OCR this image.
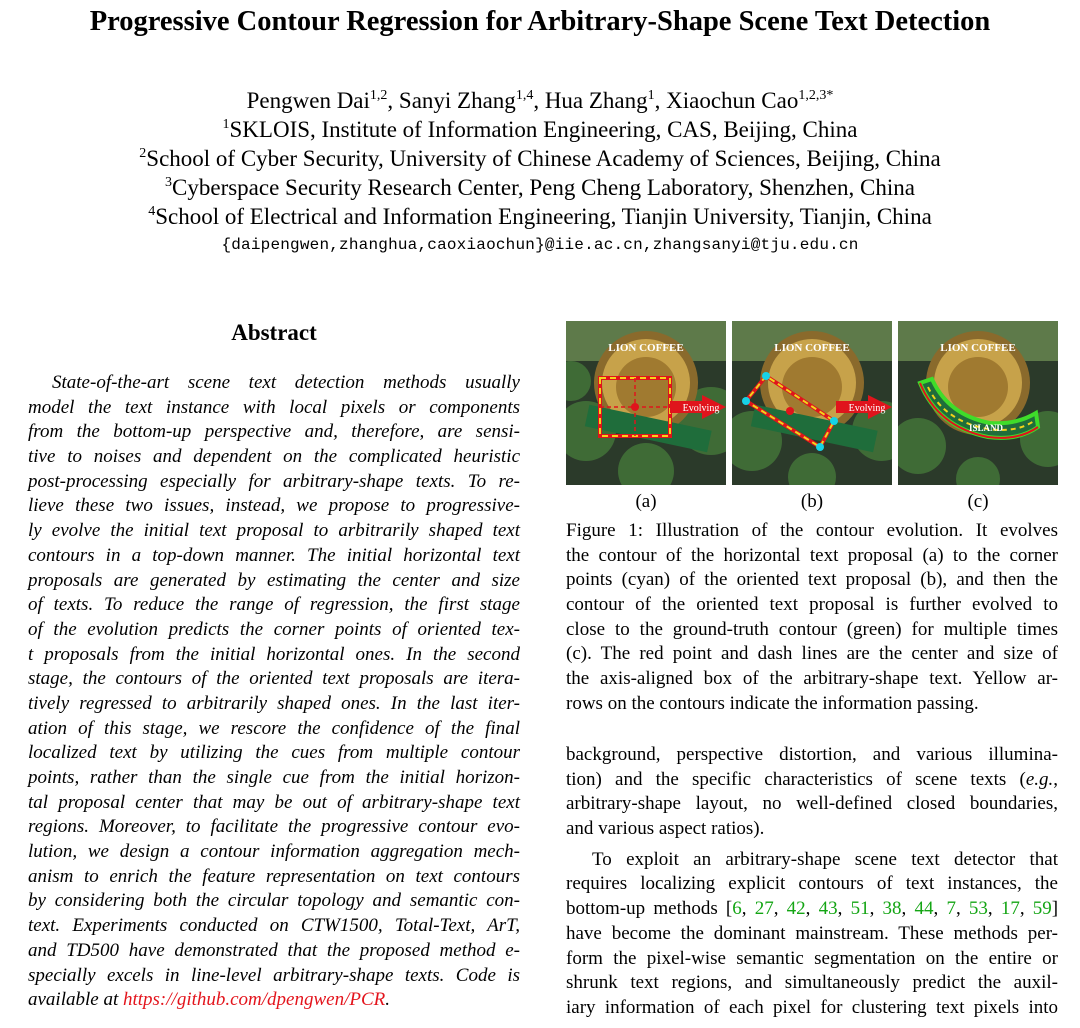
Progressive Contour Regression for Arbitrary-Shape Scene Text Detection
Pengwen Dai$^{1,2}$, Sanyi Zhang$^{1,4}$, Hua Zhang$^1$, Xiaochun Cao$^{1,2,3*}$
$^1$SKLOIS, Institute of Information Engineering, CAS, Beijing, China
$^2$School of Cyber Security, University of Chinese Academy of Sciences, Beijing, China
$^3$Cyberspace Security Research Center, Peng Cheng Laboratory, Shenzhen, China
$^4$School of Electrical and Information Engineering, Tianjin University, Tianjin, China
{daipengwen,zhanghua,caoxiaochun}@iie.ac.cn,zhangsanyi@tju.edu.cn
Abstract
State-of-the-art scene text detection methods usually
model the text instance with local pixels or components
from the bottom-up perspective and, therefore, are sensi-
tive to noises and dependent on the complicated heuristic
post-processing especially for arbitrary-shape texts. To re-
lieve these two issues, instead, we propose to progressive-
ly evolve the initial text proposal to arbitrarily shaped text
contours in a top-down manner. The initial horizontal text
proposals are generated by estimating the center and size
of texts. To reduce the range of regression, the first stage
of the evolution predicts the corner points of oriented tex-
t proposals from the initial horizontal ones. In the second
stage, the contours of the oriented text proposals are itera-
tively regressed to arbitrarily shaped ones. In the last iter-
ation of this stage, we rescore the confidence of the final
localized text by utilizing the cues from multiple contour
points, rather than the single cue from the initial horizon-
tal proposal center that may be out of arbitrary-shape text
regions. Moreover, to facilitate the progressive contour evo-
lution, we design a contour information aggregation mech-
anism to enrich the feature representation on text contours
by considering both the circular topology and semantic con-
text. Experiments conducted on CTW1500, Total-Text, ArT,
and TD500 have demonstrated that the proposed method e-
specially excels in line-level arbitrary-shape texts. Code is
available at https://github.com/dpengwen/PCR.
LION COFFEE
Evolving
LION COFFEE
Evolving
LION COFFEE
ISLAND
(a)	(b)	(c)
Figure 1: Illustration of the contour evolution. It evolves
the contour of the horizontal text proposal (a) to the corner
points (cyan) of the oriented text proposal (b), and then the
contour of the oriented text proposal is further evolved to
close to the ground-truth contour (green) for multiple times
(c). The red point and dash lines are the center and size of
the axis-aligned box of the arbitrary-shape text. Yellow ar-
rows on the contours indicate the information passing.
background, perspective distortion, and various illumina-
tion) and the specific characteristics of scene texts (e.g.,
arbitrary-shape layout, no well-defined closed boundaries,
and various aspect ratios).
To exploit an arbitrary-shape scene text detector that
requires localizing explicit contours of text instances, the
bottom-up methods [6, 27, 42, 43, 51, 38, 44, 7, 53, 17, 59]
have become the dominant mainstream. These methods per-
form the pixel-wise semantic segmentation on the entire or
shrunk text regions, and simultaneously predict the auxil-
iary information of each pixel for clustering text pixels into
